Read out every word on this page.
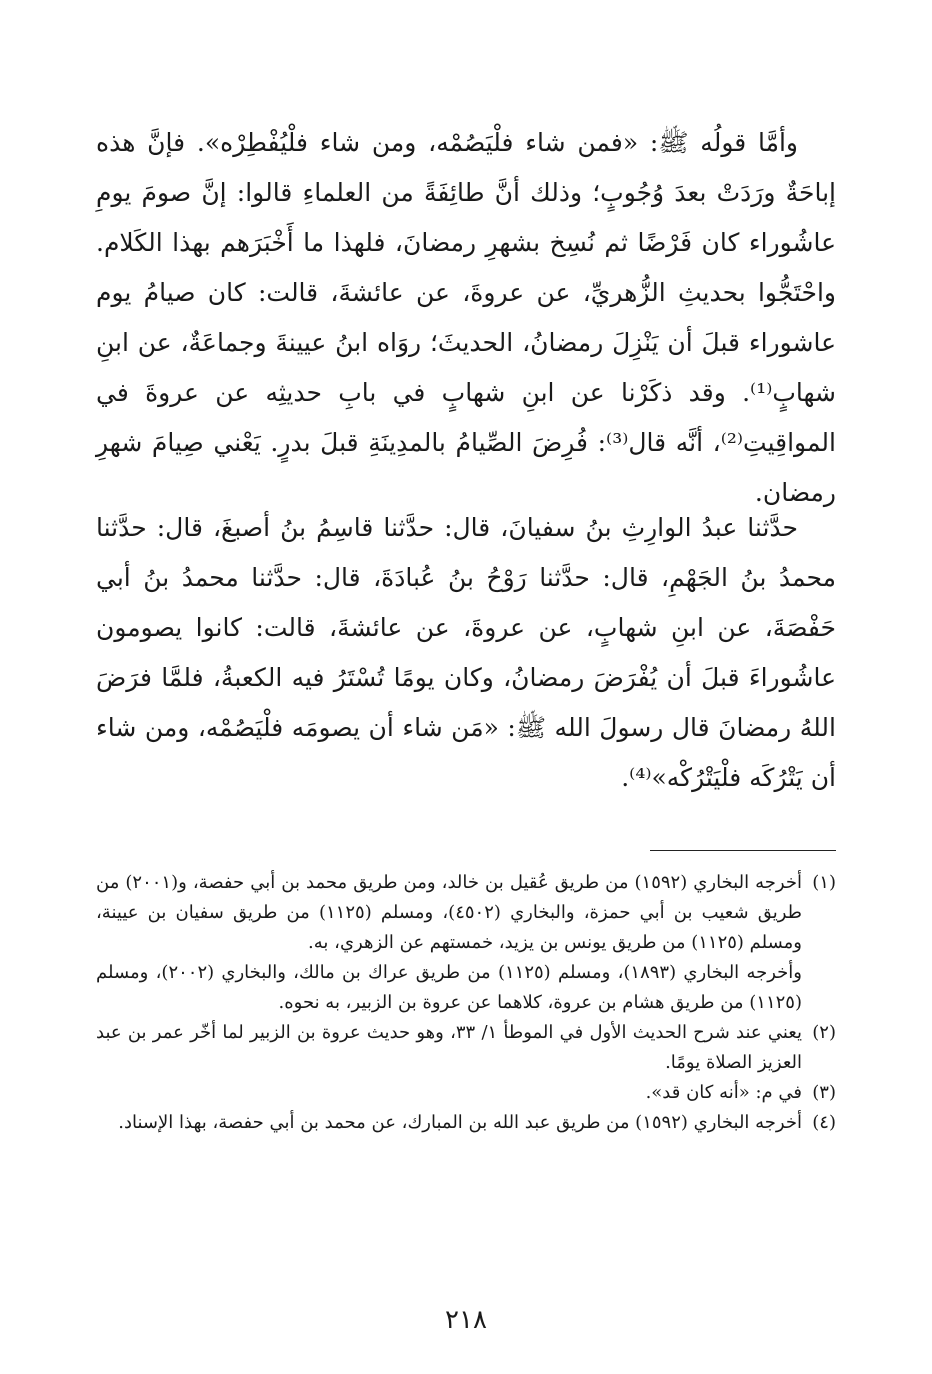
وأمَّا قولُه ﷺ: «فمن شاء فلْيَصُمْه، ومن شاء فلْيُفْطِرْه». فإنَّ هذه إباحَةٌ ورَدَتْ بعدَ وُجُوبٍ؛ وذلك أنَّ طائِفَةً من العلماءِ قالوا: إنَّ صومَ يومِ عاشُوراء كان فَرْضًا ثم نُسِخ بشهرِ رمضانَ، فلهذا ما أَخْبَرَهم بهذا الكَلام. واحْتَجُّوا بحديثِ الزُّهريِّ، عن عروةَ، عن عائشةَ، قالت: كان صيامُ يوم عاشوراء قبلَ أن يَنْزِلَ رمضانُ، الحديثَ؛ روَاه ابنُ عيينةَ وجماعَةٌ، عن ابنِ شهابٍ⁽¹⁾. وقد ذكَرْنا عن ابنِ شهابٍ في بابِ حديثِه عن عروةَ في المواقِيتِ⁽²⁾، أنَّه قال⁽³⁾: فُرِضَ الصِّيامُ بالمدِينَةِ قبلَ بدرٍ. يَعْني صِيامَ شهرِ رمضان.

حدَّثنا عبدُ الوارِثِ بنُ سفيانَ، قال: حدَّثنا قاسِمُ بنُ أصبغَ، قال: حدَّثنا محمدُ بنُ الجَهْمِ، قال: حدَّثنا رَوْحُ بنُ عُبادَةَ، قال: حدَّثنا محمدُ بنُ أبي حَفْصَةَ، عن ابنِ شهابٍ، عن عروةَ، عن عائشةَ، قالت: كانوا يصومون عاشُوراءَ قبلَ أن يُفْرَضَ رمضانُ، وكان يومًا تُسْتَرُ فيه الكعبةُ، فلمَّا فرَضَ اللهُ رمضانَ قال رسولَ الله ﷺ: «مَن شاء أن يصومَه فلْيَصُمْه، ومن شاء أن يَتْرُكَه فلْيَتْرُكْه»⁽⁴⁾.

(١)
أخرجه البخاري (١٥٩٢) من طريق عُقيل بن خالد، ومن طريق محمد بن أبي حفصة، و(٢٠٠١) من طريق شعيب بن أبي حمزة، والبخاري (٤٥٠٢)، ومسلم (١١٢٥) من طريق سفيان بن عيينة، ومسلم (١١٢٥) من طريق يونس بن يزيد، خمستهم عن الزهري، به.
وأخرجه البخاري (١٨٩٣)، ومسلم (١١٢٥) من طريق عراك بن مالك، والبخاري (٢٠٠٢)، ومسلم (١١٢٥) من طريق هشام بن عروة، كلاهما عن عروة بن الزبير، به نحوه.
(٢)
يعني عند شرح الحديث الأول في الموطأ ١/ ٣٣، وهو حديث عروة بن الزبير لما أخّر عمر بن عبد العزيز الصلاة يومًا.
(٣)
في م: «أنه كان قد».
(٤)
أخرجه البخاري (١٥٩٢) من طريق عبد الله بن المبارك، عن محمد بن أبي حفصة، بهذا الإسناد.
٢١٨
